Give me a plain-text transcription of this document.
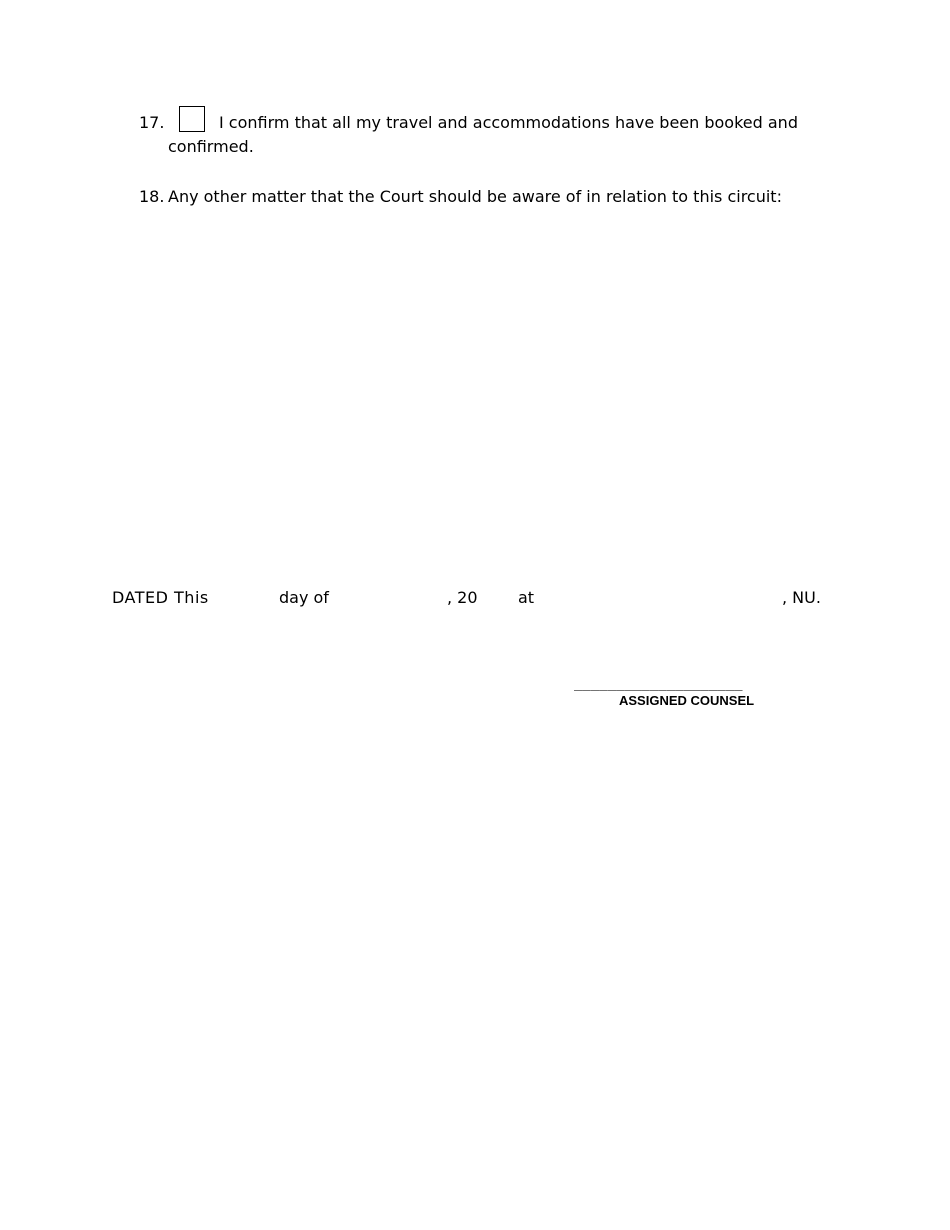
17.	I confirm that all my travel and accommodations have been booked and
confirmed.
18. Any other matter that the Court should be aware of in relation to this circuit:
DATED This	day of	, 20	at	, NU.
____________________
ASSIGNED COUNSEL
